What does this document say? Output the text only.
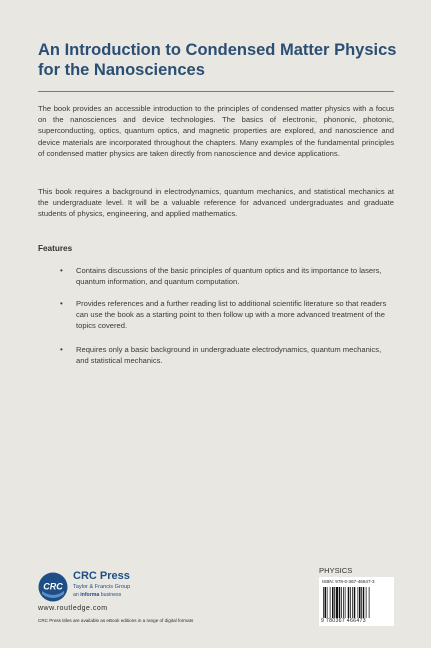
An Introduction to Condensed Matter Physics
for the Nanosciences

The book provides an accessible introduction to the principles of condensed matter physics with a focus on the nanosciences and device technologies. The basics of electronic, phononic, photonic, superconducting, optics, quantum optics, and magnetic properties are explored, and nanoscience and device materials are incorporated throughout the chapters. Many examples of the fundamental principles of condensed matter physics are taken directly from nanoscience and device applications.

This book requires a background in electrodynamics, quantum mechanics, and statistical mechanics at the undergraduate level. It will be a valuable reference for advanced undergraduates and graduate students of physics, engineering, and applied mathematics.

Features

• Contains discussions of the basic principles of quantum optics and its importance to lasers, quantum information, and quantum computation.
• Provides references and a further reading list to additional scientific literature so that readers can use the book as a starting point to then follow up with a more advanced treatment of the topics covered.
• Requires only a basic background in undergraduate electrodynamics, quantum mechanics, and statistical mechanics.
CRC

CRC Press

Taylor & Francis Group

an informa business

www.routledge.com

CRC Press titles are available as eBook editions in a range of digital formats

PHYSICS

ISBN: 978-0-367-46647-3

9 780367 466473
